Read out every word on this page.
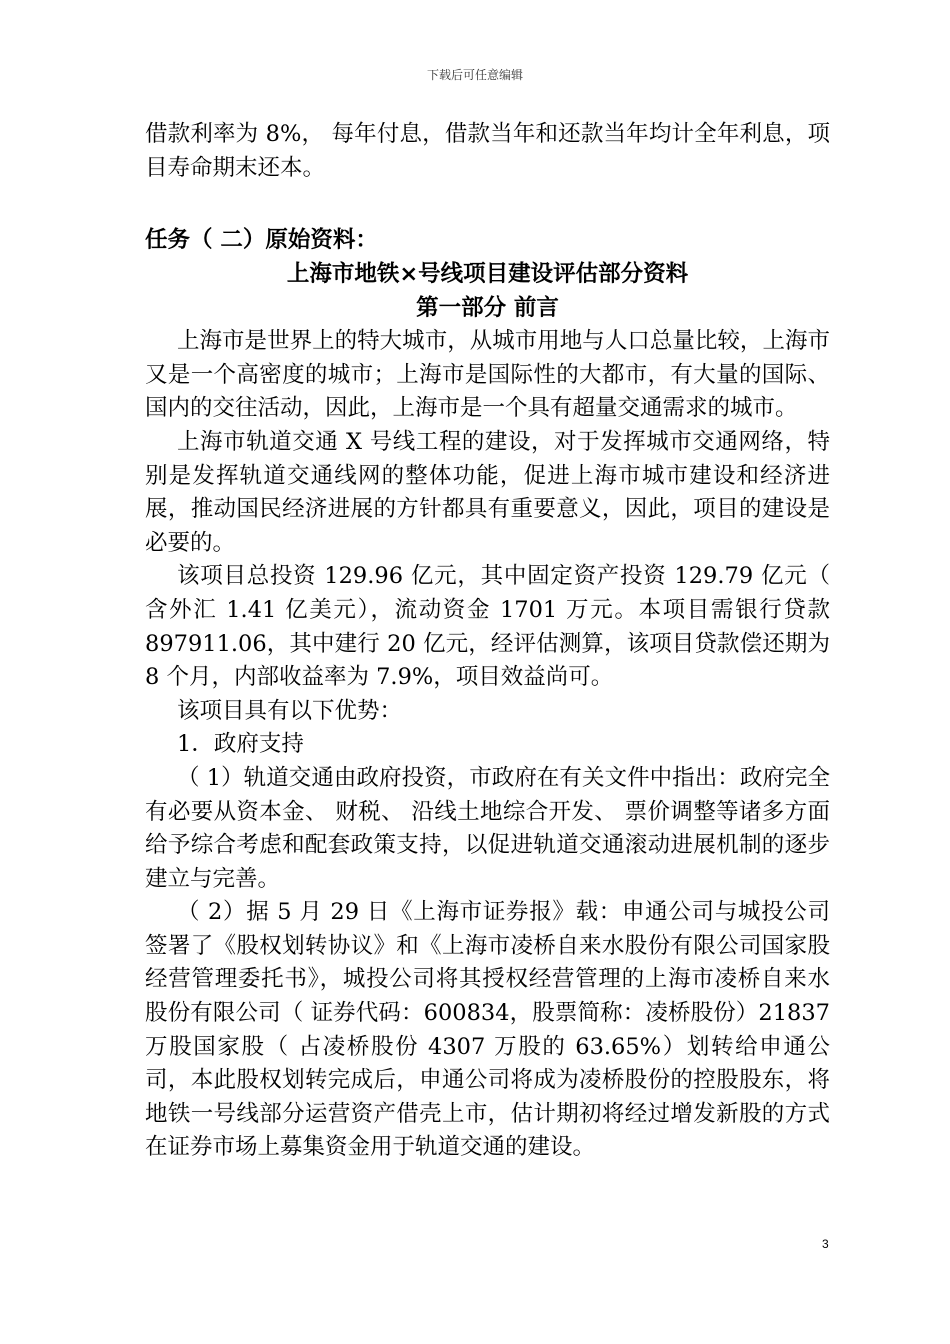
下载后可任意编辑

借款利率为 8%， 每年付息，借款当年和还款当年均计全年利息，项目寿命期末还本。

任务（ 二）原始资料：

上海市地铁×号线项目建设评估部分资料

第一部分 前言

上海市是世界上的特大城市，从城市用地与人口总量比较，上海市又是一个高密度的城市；上海市是国际性的大都市，有大量的国际、 国内的交往活动，因此，上海市是一个具有超量交通需求的城市。

上海市轨道交通 X 号线工程的建设，对于发挥城市交通网络，特别是发挥轨道交通线网的整体功能，促进上海市城市建设和经济进展，推动国民经济进展的方针都具有重要意义，因此，项目的建设是必要的。

该项目总投资 129.96 亿元，其中固定资产投资 129.79 亿元（ 含外汇 1.41 亿美元），流动资金 1701 万元。本项目需银行贷款 897911.06，其中建行 20 亿元，经评估测算，该项目贷款偿还期为 8 个月，内部收益率为 7.9%，项目效益尚可。

该项目具有以下优势：

1．政府支持

（ 1）轨道交通由政府投资，市政府在有关文件中指出：政府完全有必要从资本金、 财税、 沿线土地综合开发、 票价调整等诸多方面给予综合考虑和配套政策支持，以促进轨道交通滚动进展机制的逐步建立与完善。

（ 2）据 5 月 29 日《上海市证券报》载：申通公司与城投公司签署了《股权划转协议》和《上海市凌桥自来水股份有限公司国家股经营管理委托书》，城投公司将其授权经营管理的上海市凌桥自来水股份有限公司（ 证券代码：600834，股票简称：凌桥股份）21837 万股国家股（ 占凌桥股份 4307 万股的 63.65%）划转给申通公司，本此股权划转完成后，申通公司将成为凌桥股份的控股股东，将地铁一号线部分运营资产借壳上市，估计期初将经过增发新股的方式在证券市场上募集资金用于轨道交通的建设。

3
